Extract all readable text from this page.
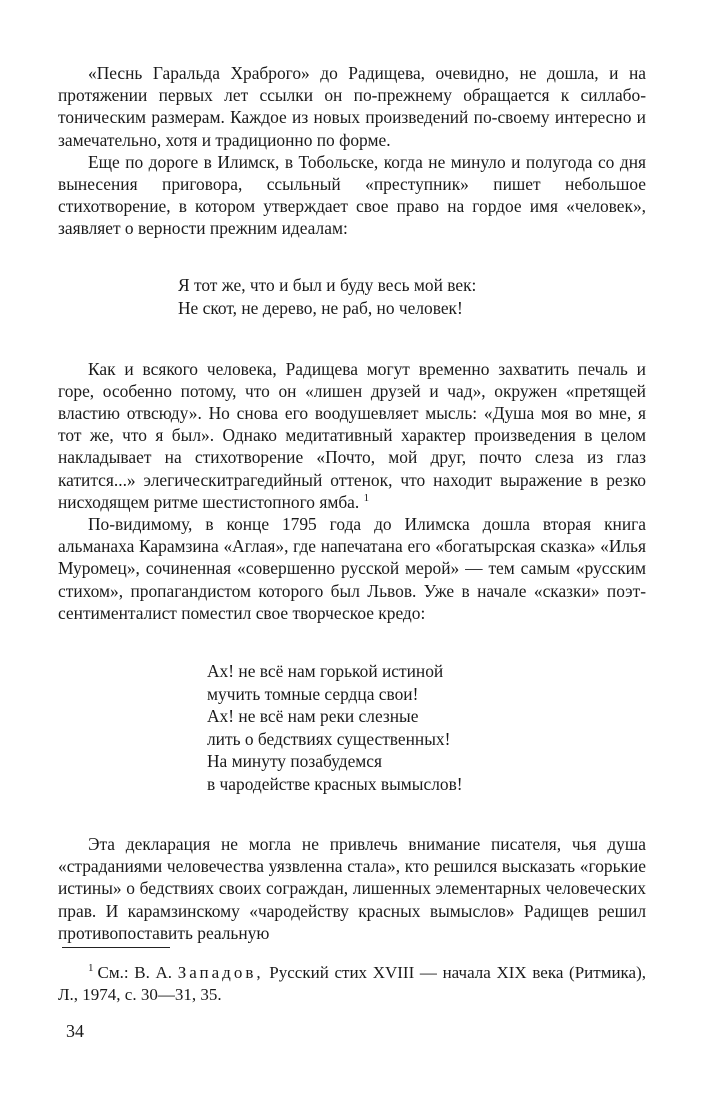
«Песнь Гаральда Храброго» до Радищева, очевидно, не дошла, и на протяжении первых лет ссылки он по-прежнему обращается к силлабо-тоническим размерам. Каждое из новых произведений по-своему интересно и замечательно, хотя и традиционно по форме.

Еще по дороге в Илимск, в Тобольске, когда не минуло и полугода со дня вынесения приговора, ссыльный «преступник» пишет небольшое стихотворение, в котором утверждает свое право на гордое имя «человек», заявляет о верности прежним идеалам:

Я тот же, что и был и буду весь мой век:
Не скот, не дерево, не раб, но человек!

Как и всякого человека, Радищева могут временно захватить печаль и горе, особенно потому, что он «лишен друзей и чад», окружен «претящей властию отвсюду». Но снова его воодушевляет мысль: «Душа моя во мне, я тот же, что я был». Однако медитативный характер произведения в целом накладывает на стихотворение «Почто, мой друг, почто слеза из глаз катится...» элегическитрагедийный оттенок, что находит выражение в резко нисходящем ритме шестистопного ямба. $^1$

По-видимому, в конце 1795 года до Илимска дошла вторая книга альманаха Карамзина «Аглая», где напечатана его «богатырская сказка» «Илья Муромец», сочиненная «совершенно русской мерой» — тем самым «русским стихом», пропагандистом которого был Львов. Уже в начале «сказки» поэт-сентименталист поместил свое творческое кредо:

Ах! не всё нам горькой истиной
мучить томные сердца свои!
Ах! не всё нам реки слезные
лить о бедствиях существенных!
На минуту позабудемся
в чародействе красных вымыслов!

Эта декларация не могла не привлечь внимание писателя, чья душа «страданиями человечества уязвленна стала», кто решился высказать «горькие истины» о бедствиях своих сограждан, лишенных элементарных человеческих прав. И карамзинскому «чародейству красных вымыслов» Радищев решил противопоставить реальную

$^1$ См.: В. А. Западов, Русский стих XVIII — начала XIX века (Ритмика), Л., 1974, с. 30—31, 35.

34
